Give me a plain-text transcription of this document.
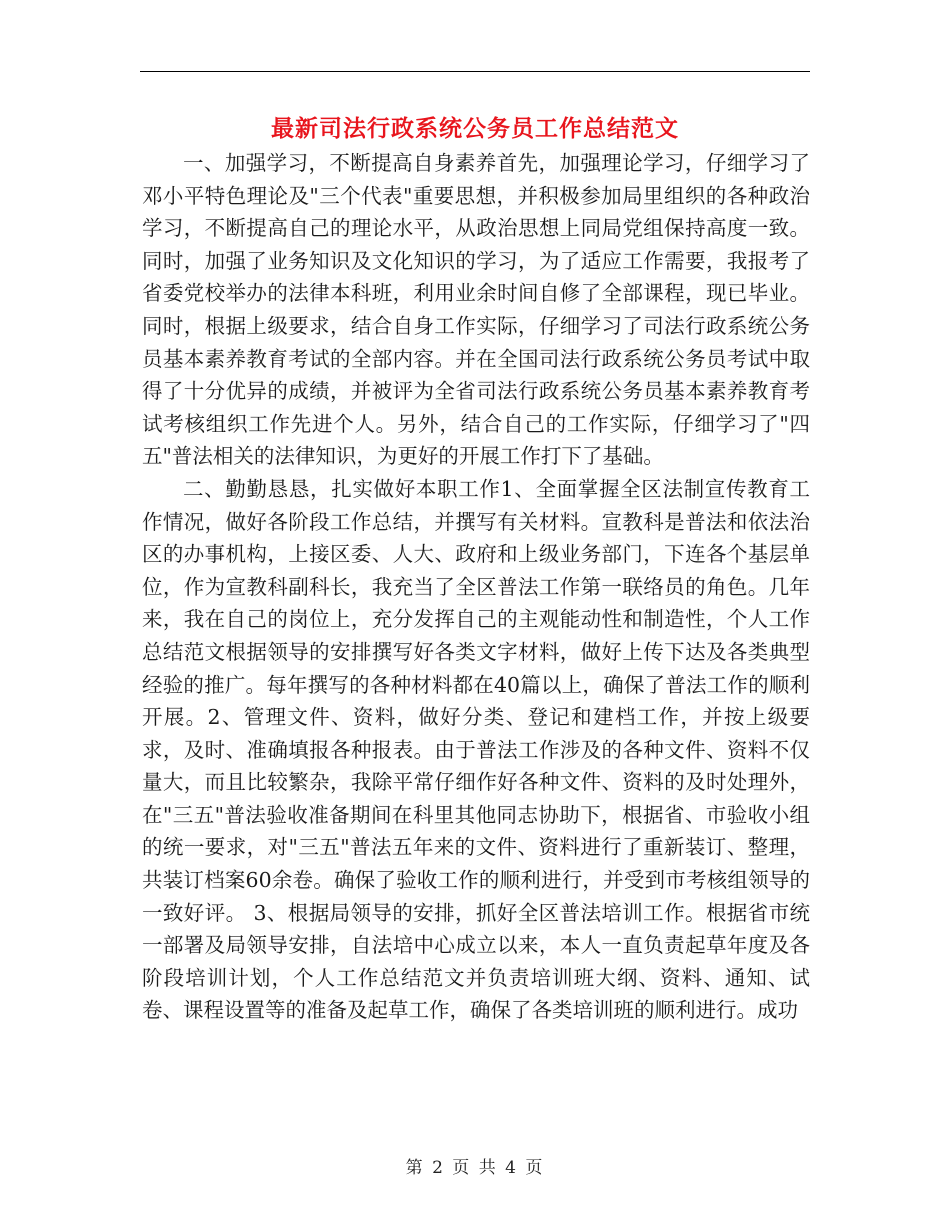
最新司法行政系统公务员工作总结范文

一、加强学习，不断提高自身素养首先，加强理论学习，仔细学习了邓小平特色理论及"三个代表"重要思想，并积极参加局里组织的各种政治学习，不断提高自己的理论水平，从政治思想上同局党组保持高度一致。同时，加强了业务知识及文化知识的学习，为了适应工作需要，我报考了省委党校举办的法律本科班，利用业余时间自修了全部课程，现已毕业。同时，根据上级要求，结合自身工作实际，仔细学习了司法行政系统公务员基本素养教育考试的全部内容。并在全国司法行政系统公务员考试中取得了十分优异的成绩，并被评为全省司法行政系统公务员基本素养教育考试考核组织工作先进个人。另外，结合自己的工作实际，仔细学习了"四五"普法相关的法律知识，为更好的开展工作打下了基础。

二、勤勤恳恳，扎实做好本职工作1、全面掌握全区法制宣传教育工作情况，做好各阶段工作总结，并撰写有关材料。宣教科是普法和依法治区的办事机构，上接区委、人大、政府和上级业务部门，下连各个基层单位，作为宣教科副科长，我充当了全区普法工作第一联络员的角色。几年来，我在自己的岗位上，充分发挥自己的主观能动性和制造性，个人工作总结范文根据领导的安排撰写好各类文字材料，做好上传下达及各类典型经验的推广。每年撰写的各种材料都在40篇以上，确保了普法工作的顺利开展。2、管理文件、资料，做好分类、登记和建档工作，并按上级要求，及时、准确填报各种报表。由于普法工作涉及的各种文件、资料不仅量大，而且比较繁杂，我除平常仔细作好各种文件、资料的及时处理外，在"三五"普法验收准备期间在科里其他同志协助下，根据省、市验收小组的统一要求，对"三五"普法五年来的文件、资料进行了重新装订、整理，共装订档案60余卷。确保了验收工作的顺利进行，并受到市考核组领导的一致好评。 3、根据局领导的安排，抓好全区普法培训工作。根据省市统一部署及局领导安排，自法培中心成立以来，本人一直负责起草年度及各阶段培训计划，个人工作总结范文并负责培训班大纲、资料、通知、试卷、课程设置等的准备及起草工作，确保了各类培训班的顺利进行。成功

第 2 页 共 4 页
